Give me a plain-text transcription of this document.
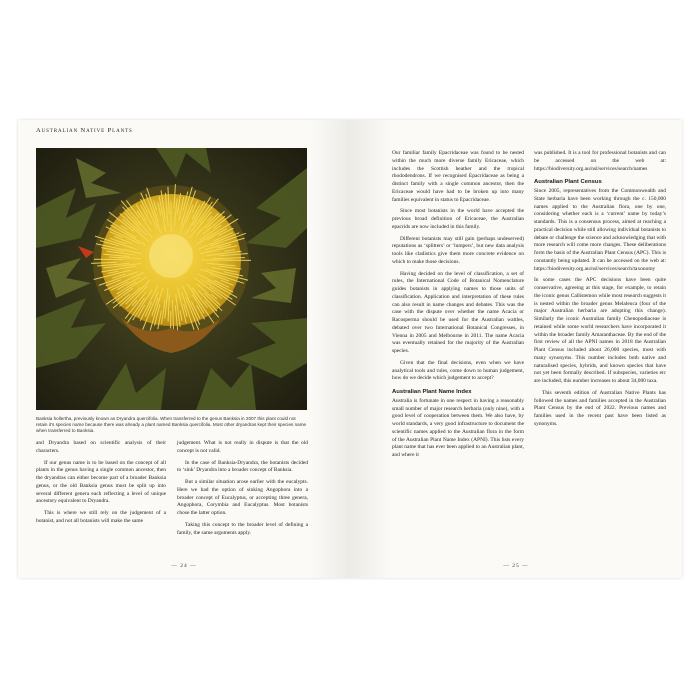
Australian Native Plants
Banksia hollertha, previously known as Dryandra quercifolia. When transferred to the genus Banksia in 2007 this plant could not retain it’s species name because there was already a plant named Banksia quercifolia. Most other dryandras kept their species name when transferred to Banksia.

and Dryandra based on scientific analysis of their characters.

If our genus name is to be based on the concept of all plants in the genus having a single common ancestor, then the dryandras can either become part of a broader Banksia genus, or the old Banksia genus must be split up into several different genera each reflecting a level of unique ancestory equivalent to Dryandra.

This is where we still rely on the judgement of a botanist, and not all botanists will make the same

judgement. What is not really in dispute is that the old concept is not valid.

In the case of Banksia-Dryandra, the botanists decided to ‘sink’ Dryandra into a broader concept of Banksia.

But a similar situation arose earlier with the eucalypts. Here we had the option of sinking Angophora into a broader concept of Eucalyptus, or accepting three genera, Angophora, Corymbia and Eucalyptus. Most botanists chose the latter option.

Taking this concept to the broader level of defining a family, the same arguments apply.

— 24 —

Our familiar family Epacridaceae was found to be nested within the much more diverse family Ericaceae, which includes the Scottish heather and the tropical rhododendrons. If we recognised Epacridaceae as being a distinct family with a single common ancestor, then the Ericaceae would have had to be broken up into many families equivalent in status to Epacridaceae.

Since most botanists in the world have accepted the previous broad definition of Ericaceae, the Australian epacrids are now included in this family.

Different botanists may still gain (perhaps undeserved) reputations as ‘splitters’ or ‘lumpers’, but new data analysis tools like cladistics give them more concrete evidence on which to make those decisions.

Having decided on the level of classification, a set of rules, the International Code of Botanical Nomenclature guides botanists in applying names to those units of classification. Application and interpretation of these rules can also result in name changes and debates. This was the case with the dispute over whether the name Acacia or Racosperma should be used for the Australian wattles, debated over two International Botanical Congresses, in Vienna in 2005 and Melbourne in 2011. The name Acacia was eventually retained for the majority of the Australian species.

Given that the final decisions, even when we have analytical tools and rules, come down to human judgement, how do we decide which judgement to accept?

Australian Plant Name Index

Australia is fortunate in one respect in having a reasonably small number of major research herbaria (only nine), with a good level of cooperation between them. We also have, by world standards, a very good infrastructure to document the scientific names applied to the Australian flora in the form of the Australian Plant Name Index (APNI). This lists every plant name that has ever been applied to an Australian plant, and where it

was published. It is a tool for professional botanists and can be accessed on the web at: https://biodiversity.org.au/nsl/services/search/names

Australian Plant Census

Since 2005, representatives from the Commonwealth and State herbaria have been working through the c. 150,000 names applied to the Australian flora, one by one, considering whether each is a ‘current’ name by today’s standards. This is a consensus process, aimed at reaching a practical decision while still allowing individual botanists to debate or challenge the science and acknowledging that with more research will come more changes. These deliberations form the basis of the Australian Plant Census (APC). This is constantly being updated. It can be accessed on the web at: https://biodiversity.org.au/nsl/services/search/taxonomy

In some cases the APC decisions have been quite conservative, agreeing at this stage, for example, to retain the iconic genus Callistemon while most research suggests it is nested within the broader genus Melaleuca (four of the major Australian herbaria are adopting this change). Similarly the iconic Australian family Chenopodiaceae is retained while some world researchers have incorporated it within the broader family Amaranthaceae. By the end of the first review of all the APNI names in 2018 the Australian Plant Census included about 26,000 species, most with many synonyms. This number includes both native and naturalised species, hybrids, and known species that have not yet been formally described. If subspecies, varieties etc are included, this number increases to about 34,000 taxa.

This seventh edition of Australian Native Plants has followed the names and families accepted in the Australian Plant Census by the end of 2022. Previous names and families used in the recent past have been listed as synonyms.

— 25 —
